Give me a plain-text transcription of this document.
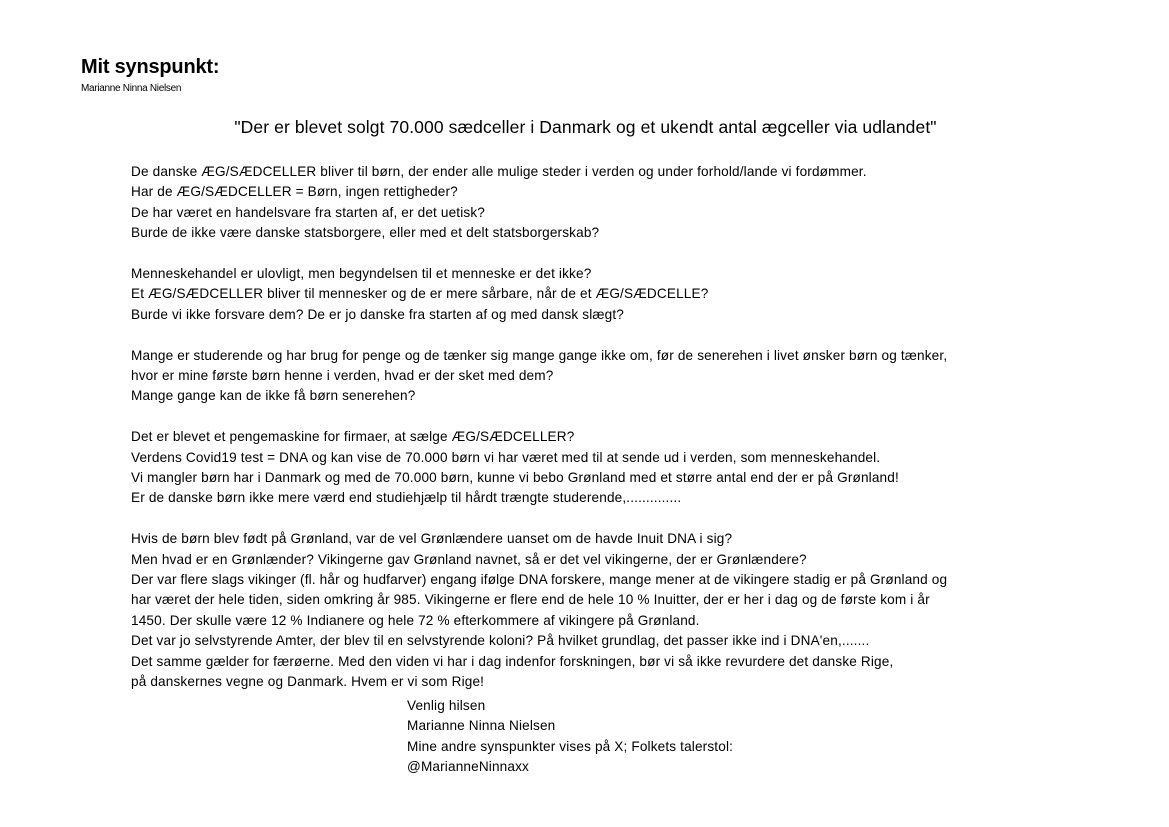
Mit synspunkt:
Marianne Ninna Nielsen
"Der er blevet solgt 70.000 sædceller i Danmark og et ukendt antal ægceller via udlandet"
De danske ÆG/SÆDCELLER bliver til børn, der ender alle mulige steder i verden og under forhold/lande vi fordømmer.
Har de ÆG/SÆDCELLER = Børn, ingen rettigheder?
De har været en handelsvare fra starten af, er det uetisk?
Burde de ikke være danske statsborgere, eller med et delt statsborgerskab?
Menneskehandel er ulovligt, men begyndelsen til et menneske er det ikke?
Et ÆG/SÆDCELLER bliver til mennesker og de er mere sårbare, når de et ÆG/SÆDCELLE?
Burde vi ikke forsvare dem? De er jo danske fra starten af og med dansk slægt?
Mange er studerende og har brug for penge og de tænker sig mange gange ikke om, før de senerehen i livet ønsker børn og tænker,
hvor er mine første børn henne i verden, hvad er der sket med dem?
Mange gange kan de ikke få børn senerehen?
Det er blevet et pengemaskine for firmaer, at sælge ÆG/SÆDCELLER?
Verdens Covid19 test = DNA og kan vise de 70.000 børn vi har været med til at sende ud i verden, som menneskehandel.
Vi mangler børn har i Danmark og med de 70.000 børn, kunne vi bebo Grønland med et større antal end der er på Grønland!
Er de danske børn ikke mere værd end studiehjælp til hårdt trængte studerende,..............
Hvis de børn blev født på Grønland, var de vel Grønlændere uanset om de havde Inuit DNA i sig?
Men hvad er en Grønlænder? Vikingerne gav Grønland navnet, så er det vel vikingerne, der er Grønlændere?
Der var flere slags vikinger (fl. hår og hudfarver) engang ifølge DNA forskere, mange mener at de vikingere stadig er på Grønland og
har været der hele tiden, siden omkring år 985. Vikingerne er flere end de hele 10 % Inuitter, der er her i dag og de første kom i år
1450. Der skulle være 12 % Indianere og hele 72 % efterkommere af vikingere på Grønland.
Det var jo selvstyrende Amter, der blev til en selvstyrende koloni? På hvilket grundlag, det passer ikke ind i DNA'en,.......
Det samme gælder for færøerne. Med den viden vi har i dag indenfor forskningen, bør vi så ikke revurdere det danske Rige,
på danskernes vegne og Danmark. Hvem er vi som Rige!
Venlig hilsen
Marianne Ninna Nielsen
Mine andre synspunkter vises på X; Folkets talerstol:
@MarianneNinnaxx
